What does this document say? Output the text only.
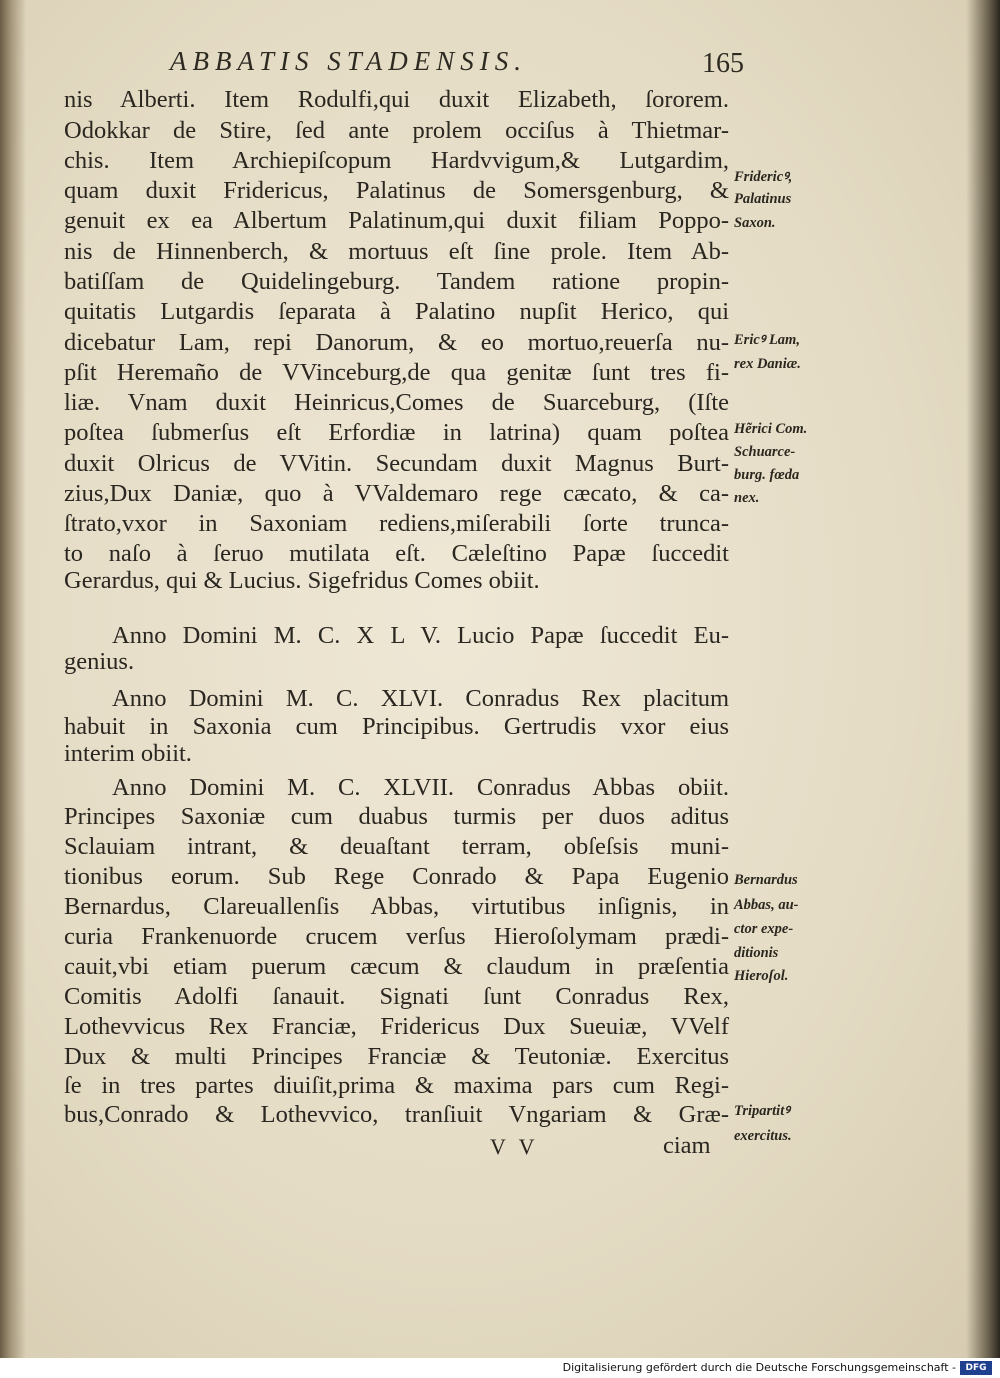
ABBATIS STADENSIS.	165
nis Alberti. Item Rodulfi,qui duxit Elizabeth, ſororem.
Odokkar de Stire, ſed ante prolem occiſus à Thietmar-
chis. Item Archiepiſcopum Hardvvigum,& Lutgardim,
quam duxit Fridericus, Palatinus de Somersgenburg, &
genuit ex ea Albertum Palatinum,qui duxit filiam Poppo-
nis de Hinnenberch, & mortuus eſt ſine prole. Item Ab-
batiſſam de Quidelingeburg. Tandem ratione propin-
quitatis Lutgardis ſeparata à Palatino nupſit Herico, qui
dicebatur Lam, repi Danorum, & eo mortuo,reuerſa nu-
pſit Heremaño de VVinceburg,de qua genitæ ſunt tres fi-
liæ. Vnam duxit Heinricus,Comes de Suarceburg, (Iſte
poſtea ſubmerſus eſt Erfordiæ in latrina) quam poſtea
duxit Olricus de VVitin. Secundam duxit Magnus Burt-
zius,Dux Daniæ, quo à VValdemaro rege cæcato, & ca-
ſtrato,vxor in Saxoniam rediens,miſerabili ſorte trunca-
to naſo à ſeruo mutilata eſt. Cæleſtino Papæ ſuccedit
Gerardus, qui & Lucius. Sigefridus Comes obiit.
Anno Domini M. C. X L V. Lucio Papæ ſuccedit Eu-
genius.
Anno Domini M. C. XLVI. Conradus Rex placitum
habuit in Saxonia cum Principibus. Gertrudis vxor eius
interim obiit.
Anno Domini M. C. XLVII. Conradus Abbas obiit.
Principes Saxoniæ cum duabus turmis per duos aditus
Sclauiam intrant, & deuaſtant terram, obſeſsis muni-
tionibus eorum. Sub Rege Conrado & Papa Eugenio
Bernardus, Clareuallenſis Abbas, virtutibus inſignis, in
curia Frankenuorde crucem verſus Hieroſolymam prædi-
cauit,vbi etiam puerum cæcum & claudum in præſentia
Comitis Adolfi ſanauit. Signati ſunt Conradus Rex,
Lothevvicus Rex Franciæ, Fridericus Dux Sueuiæ, VVelf
Dux & multi Principes Franciæ & Teutoniæ. Exercitus
ſe in tres partes diuiſit,prima & maxima pars cum Regi-
bus,Conrado & Lothevvico, tranſiuit Vngariam & Græ-
V V	ciam
Fridericꝰ,
Palatinus
Saxon.
Ericꝰ Lam,
rex Daniæ.
Hẽrici Com.
Schuarce-
burg. fœda
nex.
Bernardus
Abbas, au-
ctor expe-
ditionis
Hieroſol.
Tripartitꝰ
exercitus.
Digitalisierung gefördert durch die Deutsche Forschungsgemeinschaft -	DFG
